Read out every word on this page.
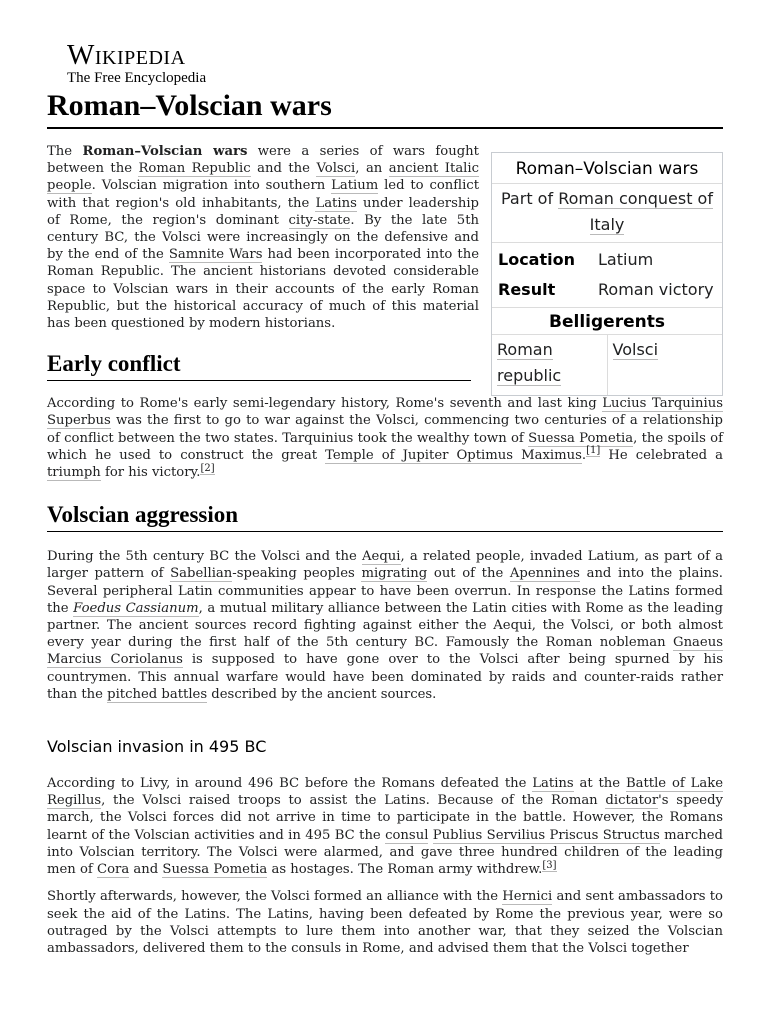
Wikipedia
The Free Encyclopedia
Roman–Volscian wars
Roman–Volscian wars
Part of Roman conquest of Italy
Location	Latium
Result	Roman victory
Belligerents
Roman republic
Volsci

The Roman–Volscian wars were a series of wars fought between the Roman Republic and the Volsci, an ancient Italic people. Volscian migration into southern Latium led to conflict with that region's old inhabitants, the Latins under leadership of Rome, the region's dominant city-state. By the late 5th century BC, the Volsci were increasingly on the defensive and by the end of the Samnite Wars had been incorporated into the Roman Republic. The ancient historians devoted considerable space to Volscian wars in their accounts of the early Roman Republic, but the historical accuracy of much of this material has been questioned by modern historians.

Early conflict

According to Rome's early semi-legendary history, Rome's seventh and last king Lucius Tarquinius Superbus was the first to go to war against the Volsci, commencing two centuries of a relationship of conflict between the two states. Tarquinius took the wealthy town of Suessa Pometia, the spoils of which he used to construct the great Temple of Jupiter Optimus Maximus.[1] He celebrated a triumph for his victory.[2]

Volscian aggression

During the 5th century BC the Volsci and the Aequi, a related people, invaded Latium, as part of a larger pattern of Sabellian-speaking peoples migrating out of the Apennines and into the plains. Several peripheral Latin communities appear to have been overrun. In response the Latins formed the Foedus Cassianum, a mutual military alliance between the Latin cities with Rome as the leading partner. The ancient sources record fighting against either the Aequi, the Volsci, or both almost every year during the first half of the 5th century BC. Famously the Roman nobleman Gnaeus Marcius Coriolanus is supposed to have gone over to the Volsci after being spurned by his countrymen. This annual warfare would have been dominated by raids and counter-raids rather than the pitched battles described by the ancient sources.

Volscian invasion in 495 BC

According to Livy, in around 496 BC before the Romans defeated the Latins at the Battle of Lake Regillus, the Volsci raised troops to assist the Latins. Because of the Roman dictator's speedy march, the Volsci forces did not arrive in time to participate in the battle. However, the Romans learnt of the Volscian activities and in 495 BC the consul Publius Servilius Priscus Structus marched into Volscian territory. The Volsci were alarmed, and gave three hundred children of the leading men of Cora and Suessa Pometia as hostages. The Roman army withdrew.[3]

Shortly afterwards, however, the Volsci formed an alliance with the Hernici and sent ambassadors to seek the aid of the Latins. The Latins, having been defeated by Rome the previous year, were so outraged by the Volsci attempts to lure them into another war, that they seized the Volscian ambassadors, delivered them to the consuls in Rome, and advised them that the Volsci together
